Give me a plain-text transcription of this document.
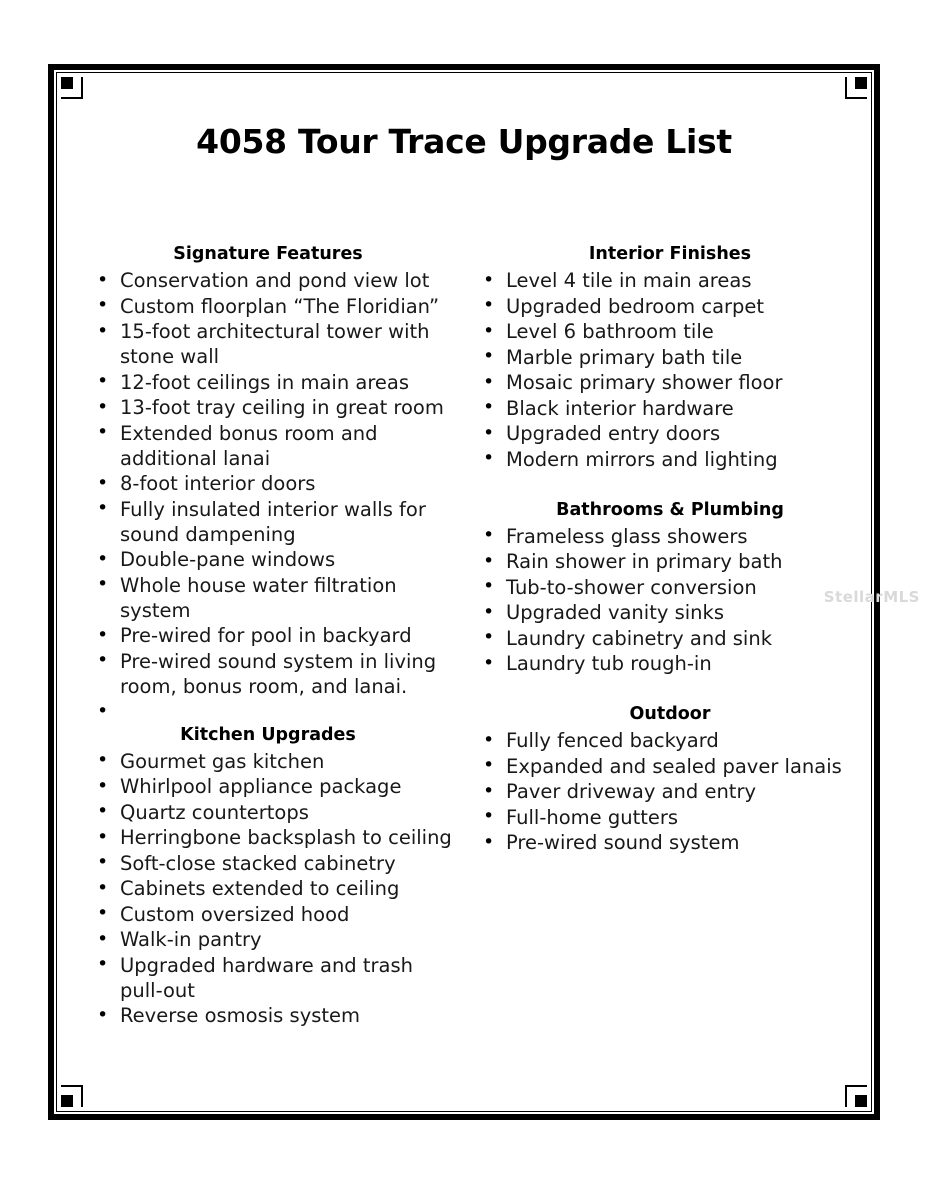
4058 Tour Trace Upgrade List
Signature Features
• Conservation and pond view lot
• Custom floorplan “The Floridian”
• 15-foot architectural tower with stone wall
• 12-foot ceilings in main areas
• 13-foot tray ceiling in great room
• Extended bonus room and additional lanai
• 8-foot interior doors
• Fully insulated interior walls for sound dampening
• Double-pane windows
• Whole house water filtration system
• Pre-wired for pool in backyard
• Pre-wired sound system in living room, bonus room, and lanai.
•
Kitchen Upgrades
• Gourmet gas kitchen
• Whirlpool appliance package
• Quartz countertops
• Herringbone backsplash to ceiling
• Soft-close stacked cabinetry
• Cabinets extended to ceiling
• Custom oversized hood
• Walk-in pantry
• Upgraded hardware and trash pull-out
• Reverse osmosis system
Interior Finishes
• Level 4 tile in main areas
• Upgraded bedroom carpet
• Level 6 bathroom tile
• Marble primary bath tile
• Mosaic primary shower floor
• Black interior hardware
• Upgraded entry doors
• Modern mirrors and lighting
Bathrooms & Plumbing
• Frameless glass showers
• Rain shower in primary bath
• Tub-to-shower conversion
• Upgraded vanity sinks
• Laundry cabinetry and sink
• Laundry tub rough-in
Outdoor
• Fully fenced backyard
• Expanded and sealed paver lanais
• Paver driveway and entry
• Full-home gutters
• Pre-wired sound system
StellarMLS
